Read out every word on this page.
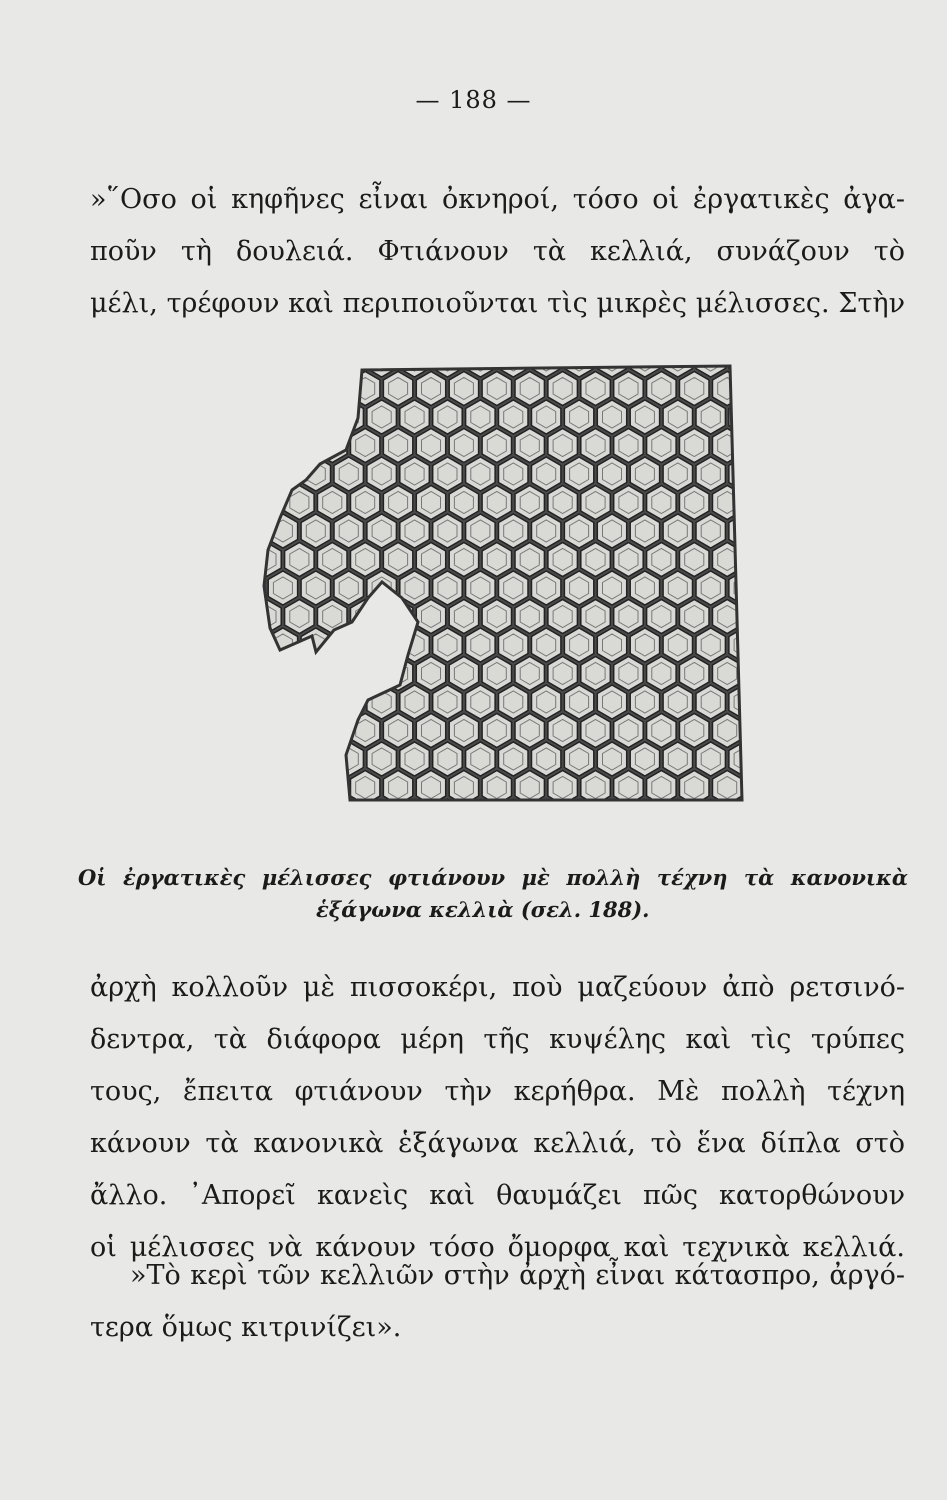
— 188 —
»῞Οσο οἱ κηφῆνες εἶναι ὀκνηροί, τόσο οἱ ἐργατικὲς ἀγα-
ποῦν τὴ δουλειά. Φτιάνουν τὰ κελλιά, συνάζουν τὸ
μέλι, τρέφουν καὶ περιποιοῦνται τὶς μικρὲς μέλισσες. Στὴν
Οἱ ἐργατικὲς μέλισσες φτιάνουν μὲ πολλὴ τέχνη τὰ κανονικὰ
ἑξάγωνα κελλιὰ (σελ. 188).
ἀρχὴ κολλοῦν μὲ πισσοκέρι, ποὺ μαζεύουν ἀπὸ ρετσινό-
δεντρα, τὰ διάφορα μέρη τῆς κυψέλης καὶ τὶς τρύπες
τους, ἔπειτα φτιάνουν τὴν κερήθρα. Μὲ πολλὴ τέχνη
κάνουν τὰ κανονικὰ ἑξάγωνα κελλιά, τὸ ἕνα δίπλα στὸ
ἄλλο. ᾿Απορεῖ κανεὶς καὶ θαυμάζει πῶς κατορθώνουν
οἱ μέλισσες νὰ κάνουν τόσο ὄμορφα καὶ τεχνικὰ κελλιά.
»Τὸ κερὶ τῶν κελλιῶν στὴν ἀρχὴ εἶναι κάτασπρο, ἀργό-
τερα ὅμως κιτρινίζει».
